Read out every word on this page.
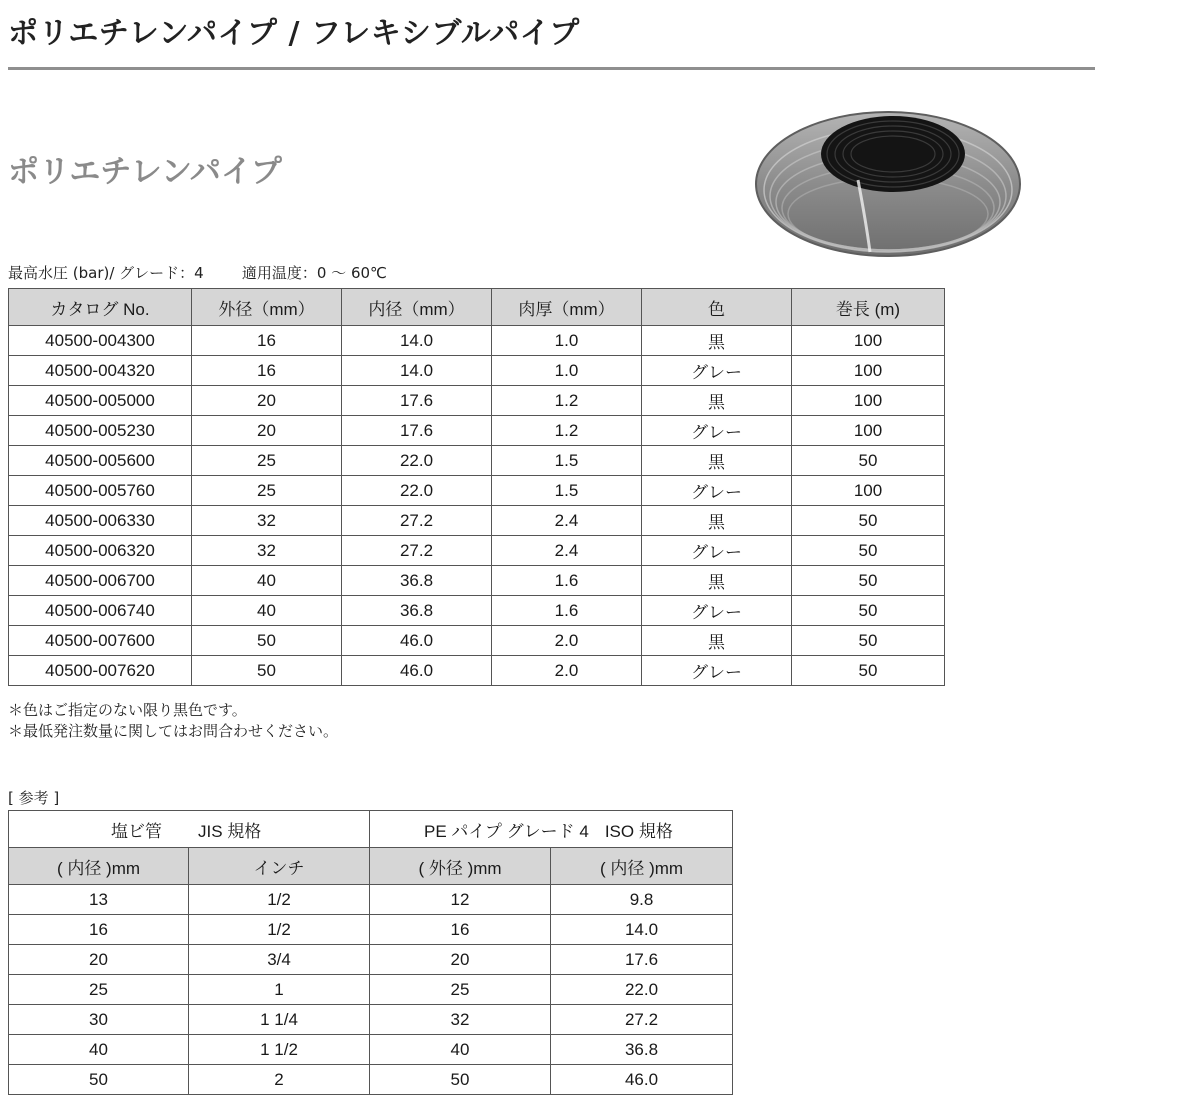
ポリエチレンパイプ / フレキシブルパイプ
ポリエチレンパイプ
最高水圧 (bar)/ グレード：4	適用温度：0 ～ 60℃
カタログ No.	外径（mm）	内径（mm）	肉厚（mm）	色	巻長 (m)
40500-004300	16	14.0	1.0	黒	100
40500-004320	16	14.0	1.0	グレー	100
40500-005000	20	17.6	1.2	黒	100
40500-005230	20	17.6	1.2	グレー	100
40500-005600	25	22.0	1.5	黒	50
40500-005760	25	22.0	1.5	グレー	100
40500-006330	32	27.2	2.4	黒	50
40500-006320	32	27.2	2.4	グレー	50
40500-006700	40	36.8	1.6	黒	50
40500-006740	40	36.8	1.6	グレー	50
40500-007600	50	46.0	2.0	黒	50
40500-007620	50	46.0	2.0	グレー	50
＊色はご指定のない限り黒色です。
＊最低発注数量に関してはお問合わせください。
[ 参考 ]
塩ビ管 JIS 規格		PE パイプ グレード 4 ISO 規格	
( 内径 )mm	インチ	( 外径 )mm	( 内径 )mm
13	1/2	12	9.8
16	1/2	16	14.0
20	3/4	20	17.6
25	1	25	22.0
30	1 1/4	32	27.2
40	1 1/2	40	36.8
50	2	50	46.0
